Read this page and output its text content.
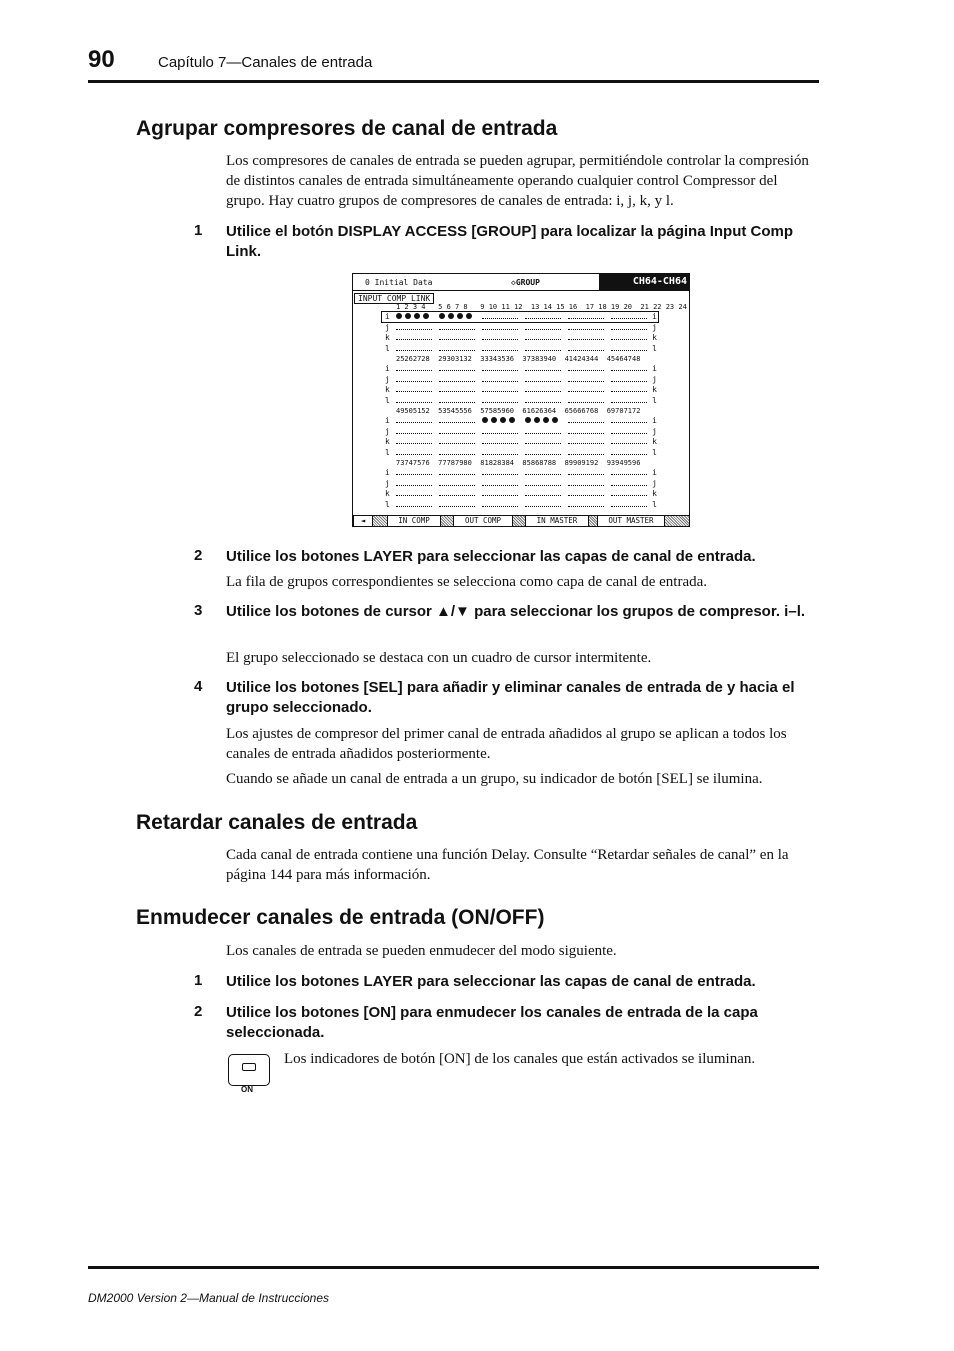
90	Capítulo 7—Canales de entrada
Agrupar compresores de canal de entrada
Los compresores de canales de entrada se pueden agrupar, permitiéndole controlar la compresión de distintos canales de entrada simultáneamente operando cualquier control Compressor del grupo. Hay cuatro grupos de compresores de canales de entrada: i, j, k, y l.
1 Utilice el botón DISPLAY ACCESS [GROUP] para localizar la página Input Comp Link.
0 Initial Data	◇GROUP	CH64-CH64
INPUT COMP LINK
1 2 3 4   5 6 7 8   9 10 11 12  13 14 15 16  17 18 19 20  21 22 23 24
i	i
j	j
k	k
l	l
25262728  29303132  33343536  37383940  41424344  45464748
i	i
j	j
k	k
l	l
49505152  53545556  57585960  61626364  65666768  69707172
i	i
j	j
k	k
l	l
73747576  77787980  81828384  85868788  89909192  93949596
i	i
j	j
k	k
l	l
◄	IN COMP	OUT COMP	IN MASTER	OUT MASTER
2 Utilice los botones LAYER para seleccionar las capas de canal de entrada.
La fila de grupos correspondientes se selecciona como capa de canal de entrada.
3 Utilice los botones de cursor ▲/▼ para seleccionar los grupos de compresor. i–l.
El grupo seleccionado se destaca con un cuadro de cursor intermitente.
4 Utilice los botones [SEL] para añadir y eliminar canales de entrada de y hacia el grupo seleccionado.
Los ajustes de compresor del primer canal de entrada añadidos al grupo se aplican a todos los canales de entrada añadidos posteriormente.
Cuando se añade un canal de entrada a un grupo, su indicador de botón [SEL] se ilumina.
Retardar canales de entrada
Cada canal de entrada contiene una función Delay. Consulte “Retardar señales de canal” en la página 144 para más información.
Enmudecer canales de entrada (ON/OFF)
Los canales de entrada se pueden enmudecer del modo siguiente.
1 Utilice los botones LAYER para seleccionar las capas de canal de entrada.
2 Utilice los botones [ON] para enmudecer los canales de entrada de la capa seleccionada.
ON
Los indicadores de botón [ON] de los canales que están activados se iluminan.
DM2000 Version 2—Manual de Instrucciones
